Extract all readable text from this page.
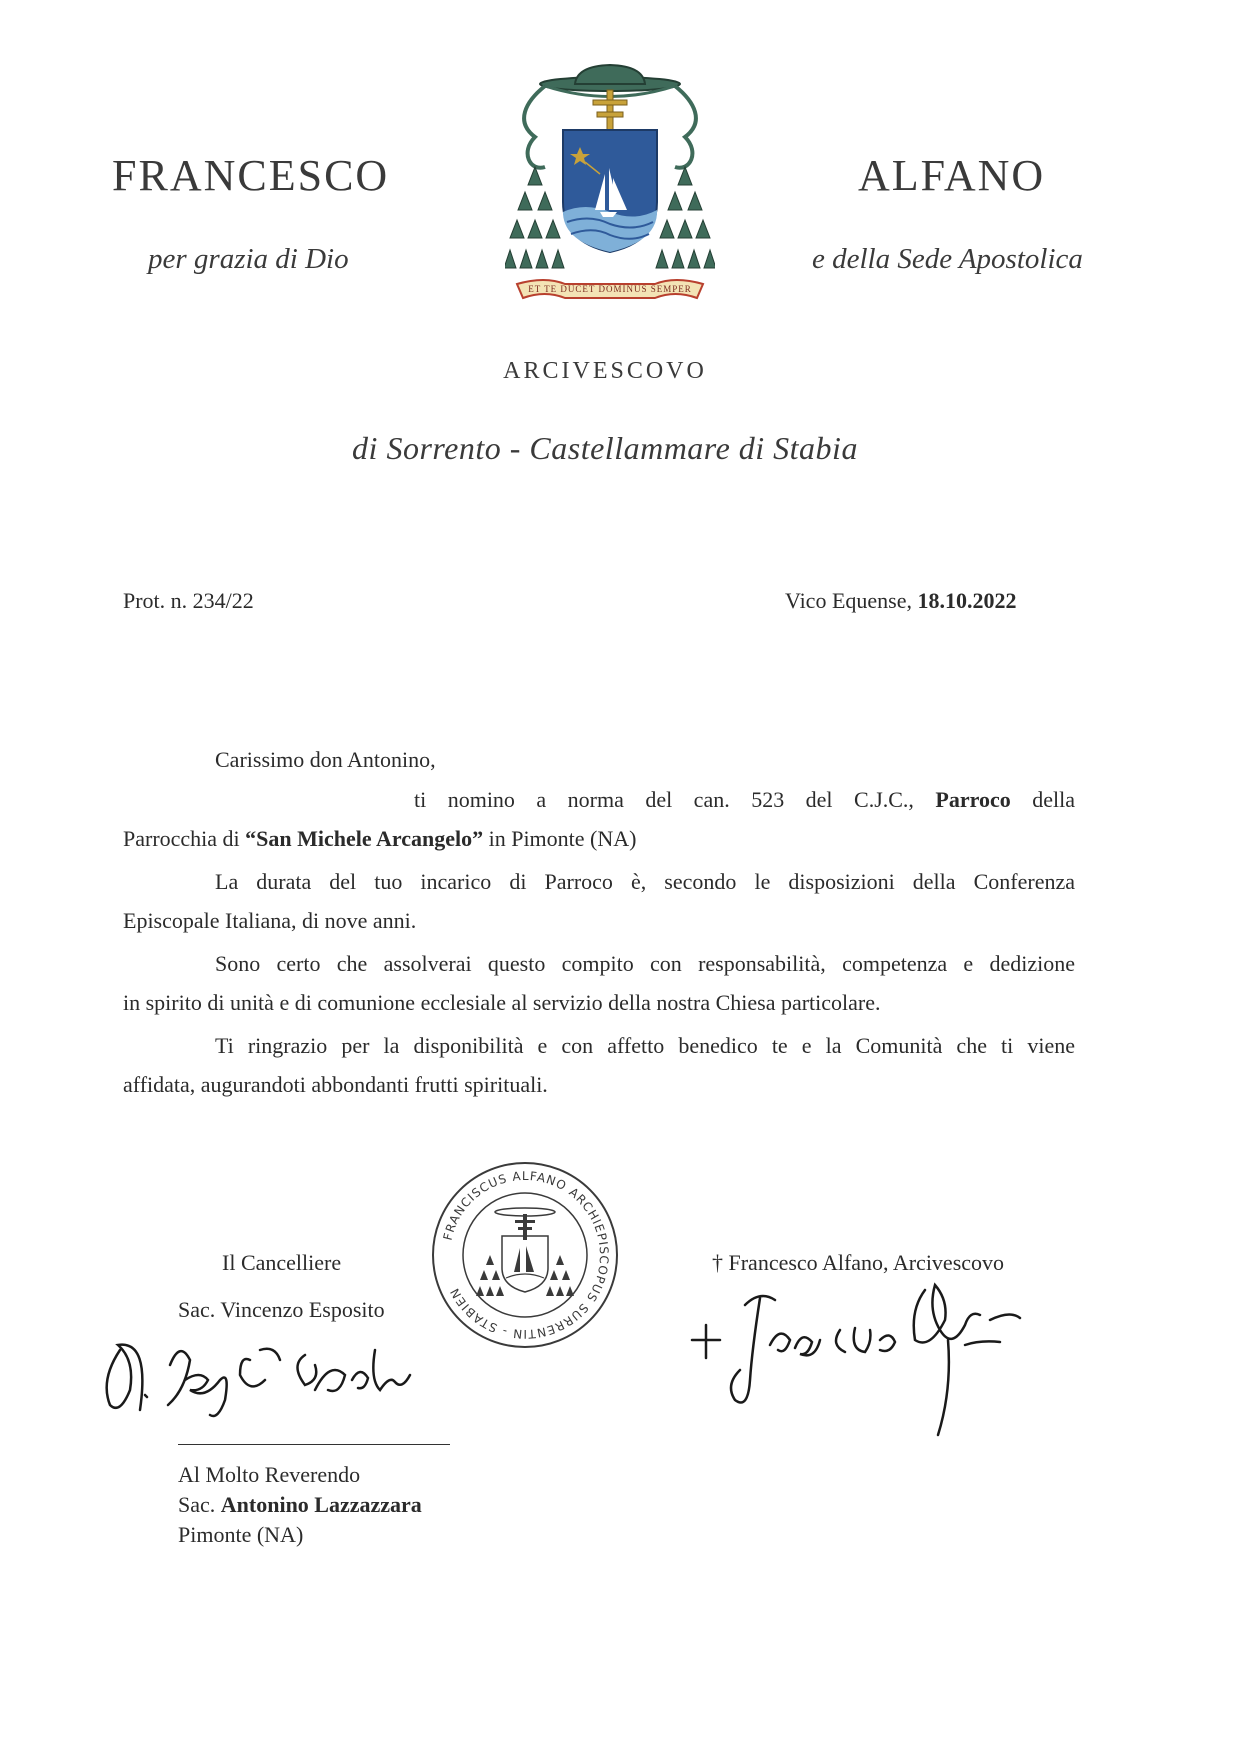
FRANCESCO	ALFANO
per grazia di Dio	e della Sede Apostolica
ET TE DUCET DOMINUS SEMPER
ARCIVESCOVO
di Sorrento - Castellammare di Stabia
Prot. n. 234/22	Vico Equense, 18.10.2022
Carissimo don Antonino,
ti nomino a norma del can. 523 del C.J.C., Parroco della
Parrocchia di “San Michele Arcangelo” in Pimonte (NA)
La durata del tuo incarico di Parroco è, secondo le disposizioni della Conferenza
Episcopale Italiana, di nove anni.
Sono certo che assolverai questo compito con responsabilità, competenza e dedizione
in spirito di unità e di comunione ecclesiale al servizio della nostra Chiesa particolare.
Ti ringrazio per la disponibilità e con affetto benedico te e la Comunità che ti viene
affidata, augurandoti abbondanti frutti spirituali.
FRANCISCUS ALFANO ARCHIEPISCOPUS SURRENTIN - STABIEN
Il Cancelliere
Sac. Vincenzo Esposito
† Francesco Alfano, Arcivescovo
Al Molto Reverendo
Sac. Antonino Lazzazzara
Pimonte (NA)
